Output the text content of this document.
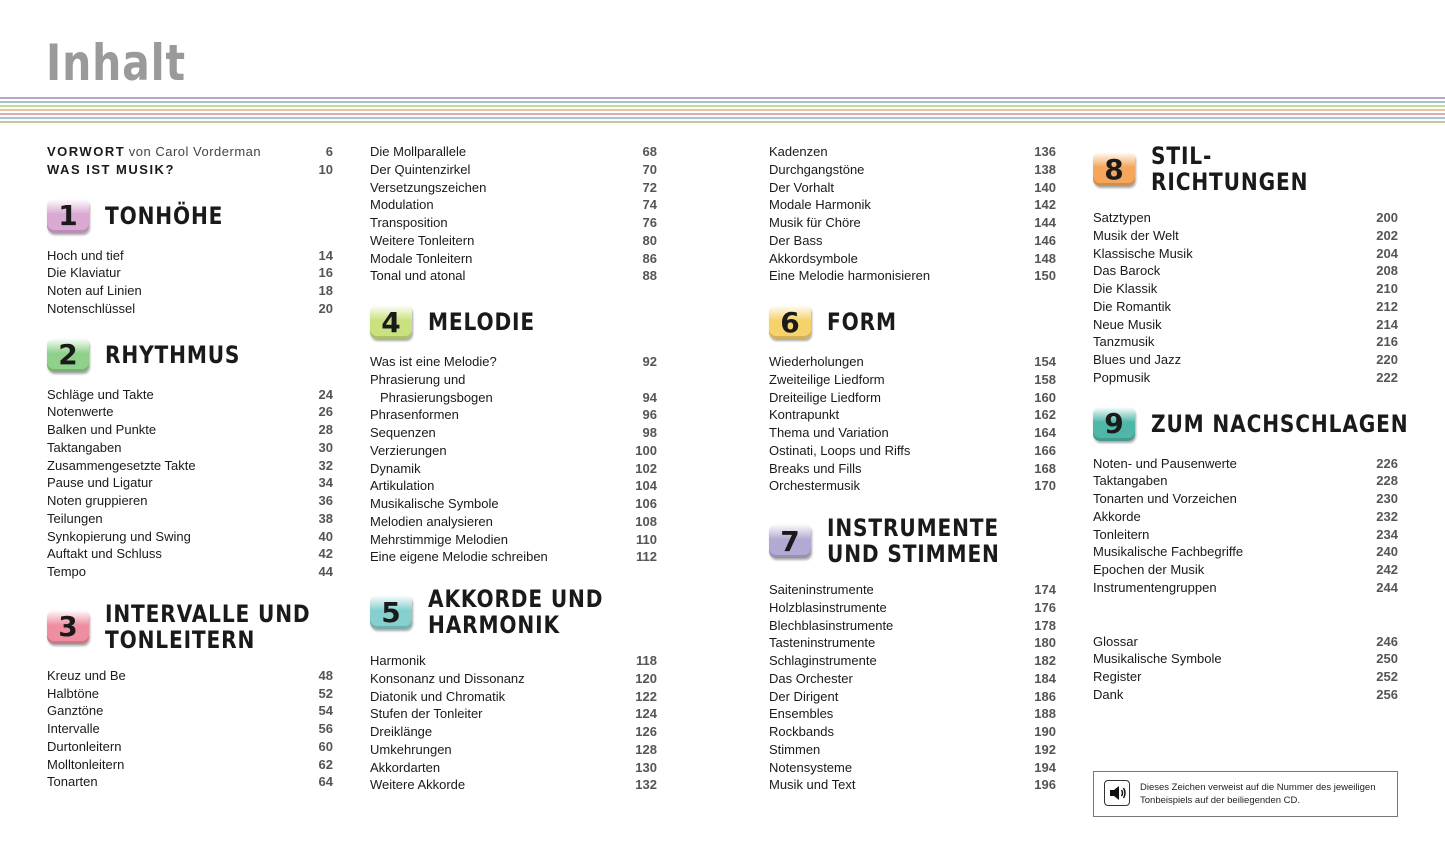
Inhalt
VORWORT von Carol Vorderman	6
WAS IST MUSIK?	10
1	TONHÖHE
Hoch und tief	14
Die Klaviatur	16
Noten auf Linien	18
Notenschlüssel	20
2	RHYTHMUS
Schläge und Takte	24
Notenwerte	26
Balken und Punkte	28
Taktangaben	30
Zusammengesetzte Takte	32
Pause und Ligatur	34
Noten gruppieren	36
Teilungen	38
Synkopierung und Swing	40
Auftakt und Schluss	42
Tempo	44
3	INTERVALLE UND
TONLEITERN
Kreuz und Be	48
Halbtöne	52
Ganztöne	54
Intervalle	56
Durtonleitern	60
Molltonleitern	62
Tonarten	64
Die Mollparallele	68
Der Quintenzirkel	70
Versetzungszeichen	72
Modulation	74
Transposition	76
Weitere Tonleitern	80
Modale Tonleitern	86
Tonal und atonal	88
4	MELODIE
Was ist eine Melodie?	92
Phrasierung und
Phrasierungsbogen	94
Phrasenformen	96
Sequenzen	98
Verzierungen	100
Dynamik	102
Artikulation	104
Musikalische Symbole	106
Melodien analysieren	108
Mehrstimmige Melodien	110
Eine eigene Melodie schreiben	112
5	AKKORDE UND
HARMONIK
Harmonik	118
Konsonanz und Dissonanz	120
Diatonik und Chromatik	122
Stufen der Tonleiter	124
Dreiklänge	126
Umkehrungen	128
Akkordarten	130
Weitere Akkorde	132
Kadenzen	136
Durchgangstöne	138
Der Vorhalt	140
Modale Harmonik	142
Musik für Chöre	144
Der Bass	146
Akkordsymbole	148
Eine Melodie harmonisieren	150
6	FORM
Wiederholungen	154
Zweiteilige Liedform	158
Dreiteilige Liedform	160
Kontrapunkt	162
Thema und Variation	164
Ostinati, Loops und Riffs	166
Breaks und Fills	168
Orchestermusik	170
7	INSTRUMENTE
UND STIMMEN
Saiteninstrumente	174
Holzblasinstrumente	176
Blechblasinstrumente	178
Tasteninstrumente	180
Schlaginstrumente	182
Das Orchester	184
Der Dirigent	186
Ensembles	188
Rockbands	190
Stimmen	192
Notensysteme	194
Musik und Text	196
8	STIL-
RICHTUNGEN
Satztypen	200
Musik der Welt	202
Klassische Musik	204
Das Barock	208
Die Klassik	210
Die Romantik	212
Neue Musik	214
Tanzmusik	216
Blues und Jazz	220
Popmusik	222
9	ZUM NACHSCHLAGEN
Noten- und Pausenwerte	226
Taktangaben	228
Tonarten und Vorzeichen	230
Akkorde	232
Tonleitern	234
Musikalische Fachbegriffe	240
Epochen der Musik	242
Instrumentengruppen	244
Glossar	246
Musikalische Symbole	250
Register	252
Dank	256
Dieses Zeichen verweist auf die Nummer des jeweiligen Tonbeispiels auf der beiliegenden CD.
